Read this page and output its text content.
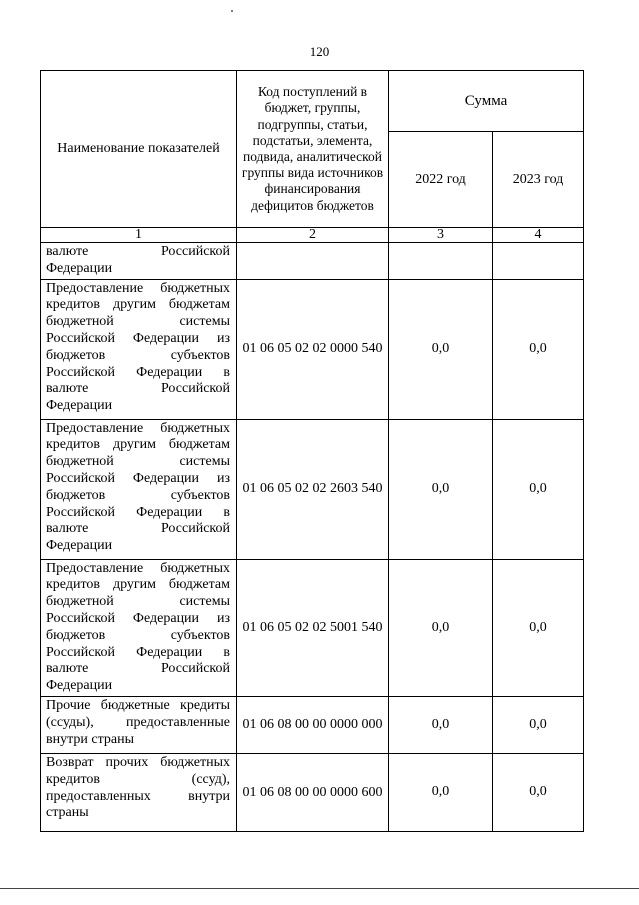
120
Наименование показателей	Код поступлений в бюджет, группы, подгруппы, статьи, подстатьи, элемента, подвида, аналитической группы вида источников финансирования дефицитов бюджетов	Сумма	
		2022 год	2023 год
1	2	3	4
валюте Российской Федерации			
Предоставление бюджетных кредитов другим бюджетам бюджетной системы Российской Федерации из бюджетов субъектов Российской Федерации в валюте Российской Федерации	01 06 05 02 02 0000 540	0,0	0,0
Предоставление бюджетных кредитов другим бюджетам бюджетной системы Российской Федерации из бюджетов субъектов Российской Федерации в валюте Российской Федерации	01 06 05 02 02 2603 540	0,0	0,0
Предоставление бюджетных кредитов другим бюджетам бюджетной системы Российской Федерации из бюджетов субъектов Российской Федерации в валюте Российской Федерации	01 06 05 02 02 5001 540	0,0	0,0
Прочие бюджетные кредиты (ссуды), предоставленные внутри страны	01 06 08 00 00 0000 000	0,0	0,0
Возврат прочих бюджетных кредитов (ссуд), предоставленных внутри страны	01 06 08 00 00 0000 600	0,0	0,0
